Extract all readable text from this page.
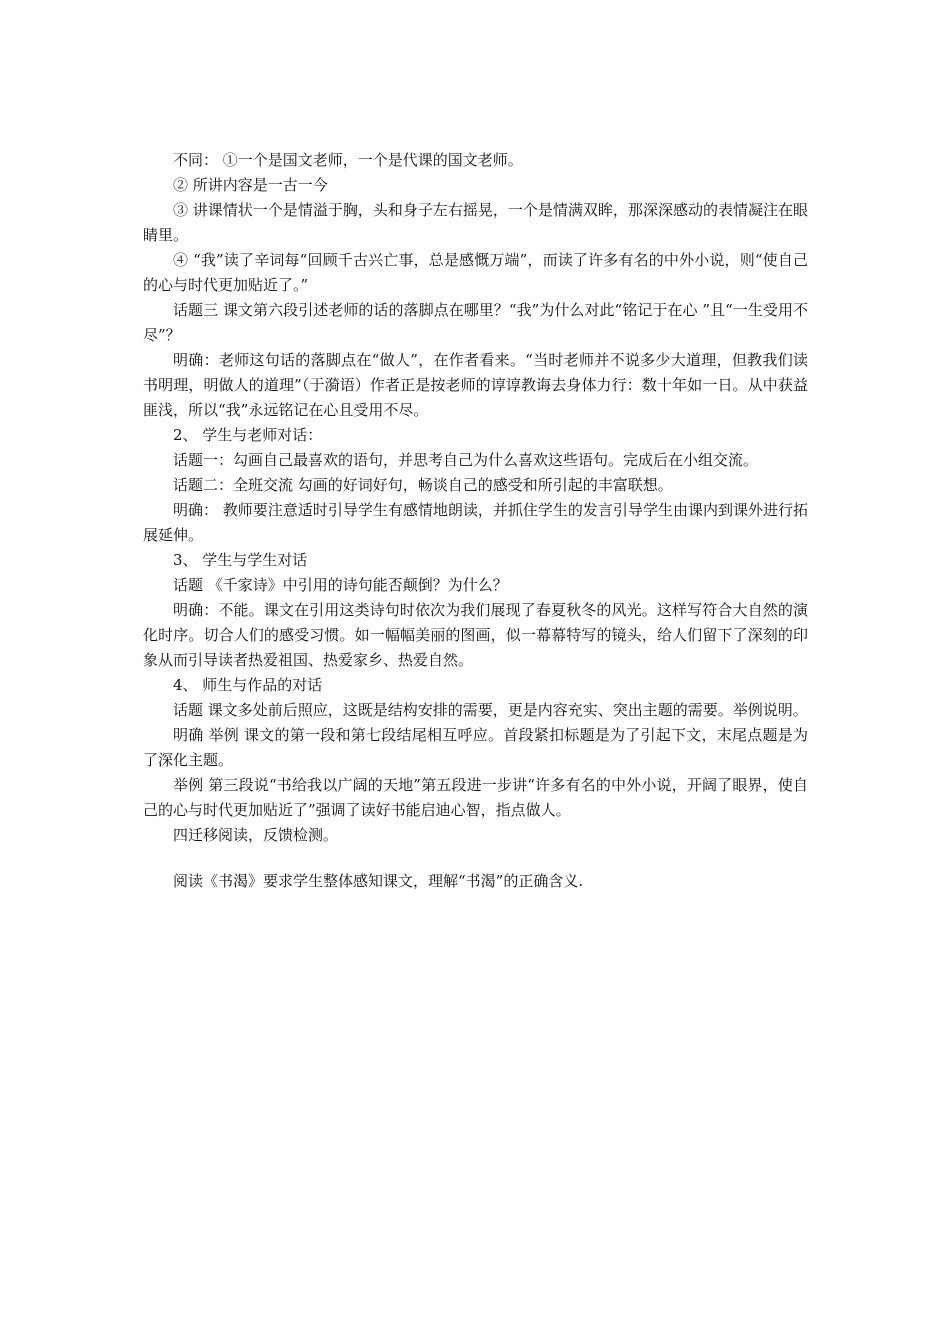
不同： ①一个是国文老师，一个是代课的国文老师。

② 所讲内容是一古一今

③ 讲课情状一个是情溢于胸，头和身子左右摇晃，一个是情满双眸，那深深感动的表情凝注在眼睛里。

④ “我”读了辛词每“回顾千古兴亡事，总是感慨万端”，而读了许多有名的中外小说，则“使自己的心与时代更加贴近了。”

话题三 课文第六段引述老师的话的落脚点在哪里？“我”为什么对此“铭记于在心 ”且“一生受用不尽”？

明确：老师这句话的落脚点在“做人”，在作者看来。“当时老师并不说多少大道理，但教我们读书明理，明做人的道理”（于漪语）作者正是按老师的谆谆教诲去身体力行：数十年如一日。从中获益匪浅，所以“我”永远铭记在心且受用不尽。

2、 学生与老师对话：

话题一：勾画自己最喜欢的语句，并思考自己为什么喜欢这些语句。完成后在小组交流。

话题二：全班交流 勾画的好词好句，畅谈自己的感受和所引起的丰富联想。

明确： 教师要注意适时引导学生有感情地朗读，并抓住学生的发言引导学生由课内到课外进行拓展延伸。

3、 学生与学生对话

话题 《千家诗》中引用的诗句能否颠倒？为什么？

明确：不能。课文在引用这类诗句时依次为我们展现了春夏秋冬的风光。这样写符合大自然的演化时序。切合人们的感受习惯。如一幅幅美丽的图画，似一幕幕特写的镜头，给人们留下了深刻的印象从而引导读者热爱祖国、热爱家乡、热爱自然。

4、 师生与作品的对话

话题 课文多处前后照应，这既是结构安排的需要，更是内容充实、突出主题的需要。举例说明。

明确 举例 课文的第一段和第七段结尾相互呼应。首段紧扣标题是为了引起下文，末尾点题是为了深化主题。

举例 第三段说“书给我以广阔的天地”第五段进一步讲“许多有名的中外小说，开阔了眼界，使自己的心与时代更加贴近了”强调了读好书能启迪心智，指点做人。

四迁移阅读，反馈检测。

阅读《书渴》要求学生整体感知课文，理解“书渴”的正确含义.
